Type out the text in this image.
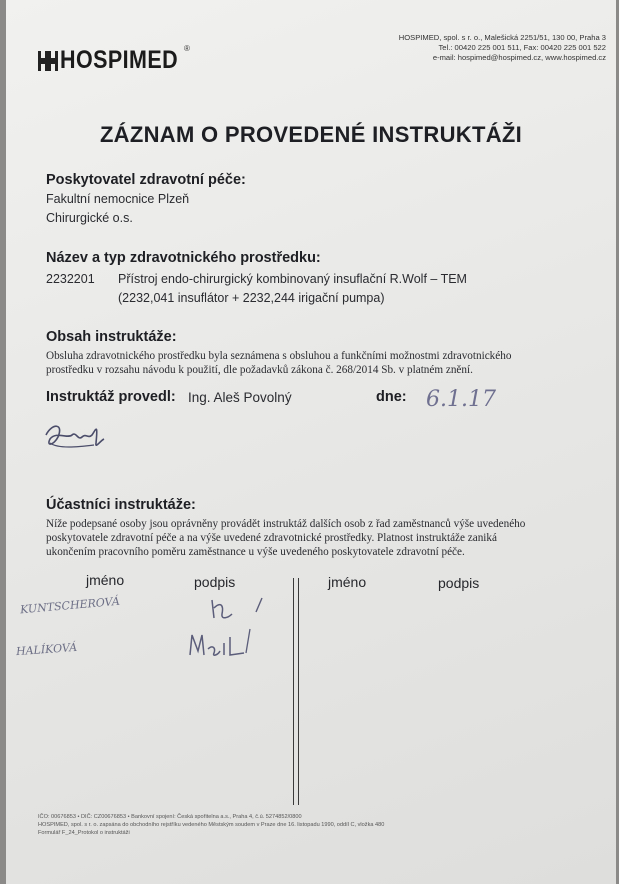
HOSPIMED ®
HOSPIMED, spol. s r. o., Malešická 2251/51, 130 00, Praha 3
Tel.: 00420 225 001 511, Fax: 00420 225 001 522
e-mail: hospimed@hospimed.cz, www.hospimed.cz
ZÁZNAM O PROVEDENÉ INSTRUKTÁŽI
Poskytovatel zdravotní péče:
Fakultní nemocnice Plzeň
Chirurgické o.s.
Název a typ zdravotnického prostředku:
2232201 Přístroj endo-chirurgický kombinovaný insuflační R.Wolf – TEM
(2232,041 insuflátor + 2232,244 irigační pumpa)
Obsah instruktáže:
Obsluha zdravotnického prostředku byla seznámena s obsluhou a funkčními možnostmi zdravotnického
prostředku v rozsahu návodu k použití, dle požadavků zákona č. 268/2014 Sb. v platném znění.
Instruktáž provedl: Ing. Aleš Povolný	dne: 6.1.17
Účastníci instruktáže:
Níže podepsané osoby jsou oprávněny provádět instruktáž dalších osob z řad zaměstnanců výše uvedeného
poskytovatele zdravotní péče a na výše uvedené zdravotnické prostředky. Platnost instruktáže zaniká
ukončením pracovního poměru zaměstnance u výše uvedeného poskytovatele zdravotní péče.
jméno	podpis	jméno	podpis
KUNTSCHEROVÁ
HALÍKOVÁ
IČO: 00676853 • DIČ: CZ00676853 • Bankovní spojení: Česká spořitelna a.s., Praha 4, č.ú. 5274852/0800
HOSPIMED, spol. s r. o. zapsána do obchodního rejstříku vedeného Městským soudem v Praze dne 16. listopadu 1990, oddíl C, vložka 480
Formulář F_24_Protokol o instruktáži
